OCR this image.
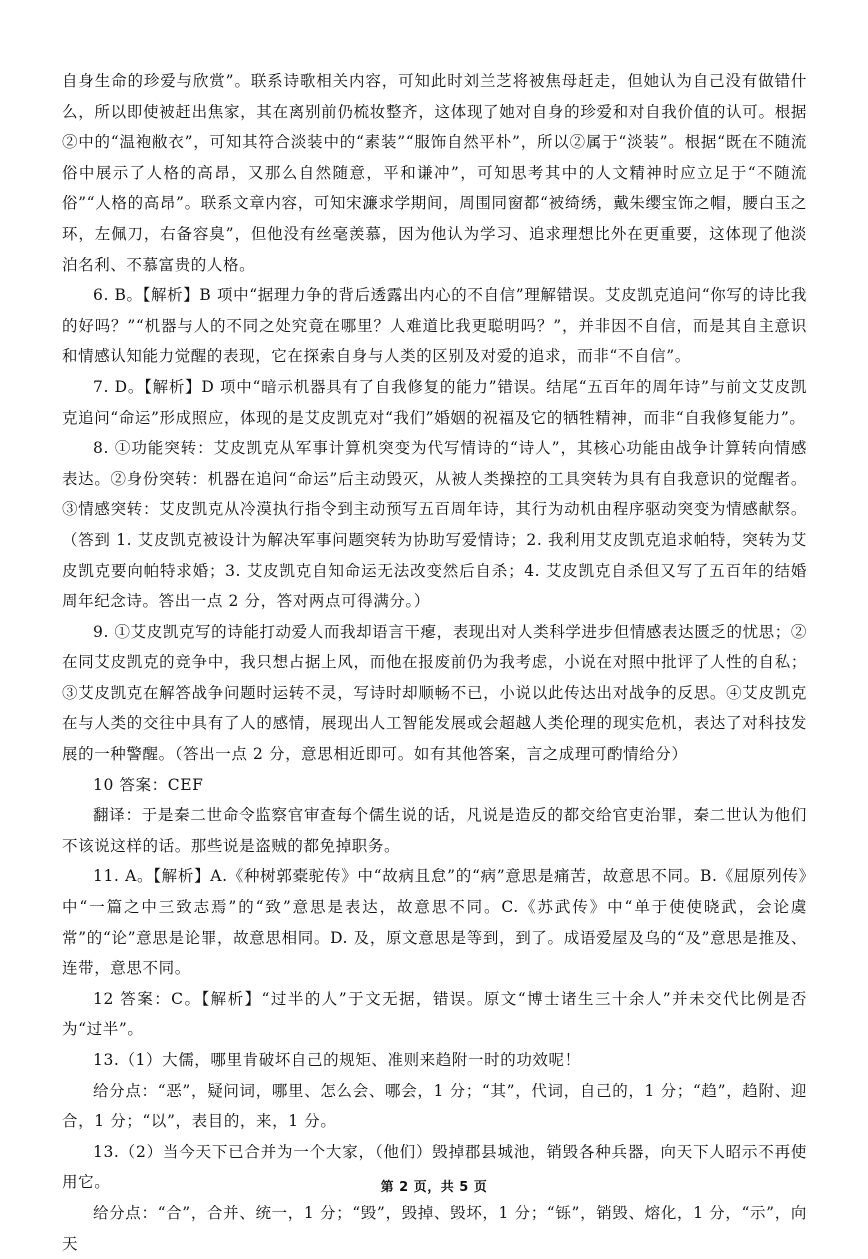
自身生命的珍爱与欣赏”。联系诗歌相关内容，可知此时刘兰芝将被焦母赶走，但她认为自己没有做错什么，所以即使被赶出焦家，其在离别前仍梳妆整齐，这体现了她对自身的珍爱和对自我价值的认可。根据②中的“温袍敝衣”，可知其符合淡装中的“素装”“服饰自然平朴”，所以②属于“淡装”。根据“既在不随流俗中展示了人格的高昂，又那么自然随意，平和谦冲”，可知思考其中的人文精神时应立足于“不随流俗”“人格的高昂”。联系文章内容，可知宋濂求学期间，周围同窗都“被绮绣，戴朱缨宝饰之帽，腰白玉之环，左佩刀，右备容臭”，但他没有丝毫羡慕，因为他认为学习、追求理想比外在更重要，这体现了他淡泊名利、不慕富贵的人格。

6. B。【解析】B 项中“据理力争的背后透露出内心的不自信”理解错误。艾皮凯克追问“你写的诗比我的好吗？”“机器与人的不同之处究竟在哪里？人难道比我更聪明吗？”，并非因不自信，而是其自主意识和情感认知能力觉醒的表现，它在探索自身与人类的区别及对爱的追求，而非“不自信”。

7. D。【解析】D 项中“暗示机器具有了自我修复的能力”错误。结尾“五百年的周年诗”与前文艾皮凯克追问“命运”形成照应，体现的是艾皮凯克对“我们”婚姻的祝福及它的牺牲精神，而非“自我修复能力”。

8. ①功能突转：艾皮凯克从军事计算机突变为代写情诗的“诗人”，其核心功能由战争计算转向情感表达。②身份突转：机器在追问“命运”后主动毁灭，从被人类操控的工具突转为具有自我意识的觉醒者。③情感突转：艾皮凯克从冷漠执行指令到主动预写五百周年诗，其行为动机由程序驱动突变为情感献祭。（答到 1. 艾皮凯克被设计为解决军事问题突转为协助写爱情诗；2. 我利用艾皮凯克追求帕特，突转为艾皮凯克要向帕特求婚；3. 艾皮凯克自知命运无法改变然后自杀；4. 艾皮凯克自杀但又写了五百年的结婚周年纪念诗。答出一点 2 分，答对两点可得满分。）

9. ①艾皮凯克写的诗能打动爱人而我却语言干瘪，表现出对人类科学进步但情感表达匮乏的忧思；②在同艾皮凯克的竞争中，我只想占据上风，而他在报废前仍为我考虑，小说在对照中批评了人性的自私；③艾皮凯克在解答战争问题时运转不灵，写诗时却顺畅不已，小说以此传达出对战争的反思。④艾皮凯克在与人类的交往中具有了人的感情，展现出人工智能发展或会超越人类伦理的现实危机，表达了对科技发展的一种警醒。（答出一点 2 分，意思相近即可。如有其他答案，言之成理可酌情给分）

10 答案：CEF

翻译：于是秦二世命令监察官审查每个儒生说的话，凡说是造反的都交给官吏治罪，秦二世认为他们不该说这样的话。那些说是盗贼的都免掉职务。

11. A。【解析】A.《种树郭橐驼传》中“故病且怠”的“病”意思是痛苦，故意思不同。B.《屈原列传》中“一篇之中三致志焉”的“致”意思是表达，故意思不同。C.《苏武传》中“单于使使晓武，会论虞常”的“论”意思是论罪，故意思相同。D. 及，原文意思是等到，到了。成语爱屋及乌的“及”意思是推及、连带，意思不同。

12 答案：C。【解析】“过半的人”于文无据，错误。原文“博士诸生三十余人”并未交代比例是否为“过半”。

13.（1）大儒，哪里肯破坏自己的规矩、准则来趋附一时的功效呢！

给分点：“恶”，疑问词，哪里、怎么会、哪会，1 分；“其”，代词，自己的，1 分；“趋”，趋附、迎合，1 分；“以”，表目的，来，1 分。

13.（2）当今天下已合并为一个大家，（他们）毁掉郡县城池，销毁各种兵器，向天下人昭示不再使用它。

给分点：“合”，合并、统一，1 分；“毁”，毁掉、毁坏，1 分；“铄”，销毁、熔化，1 分，“示”，向天

第 2 页，共 5 页
